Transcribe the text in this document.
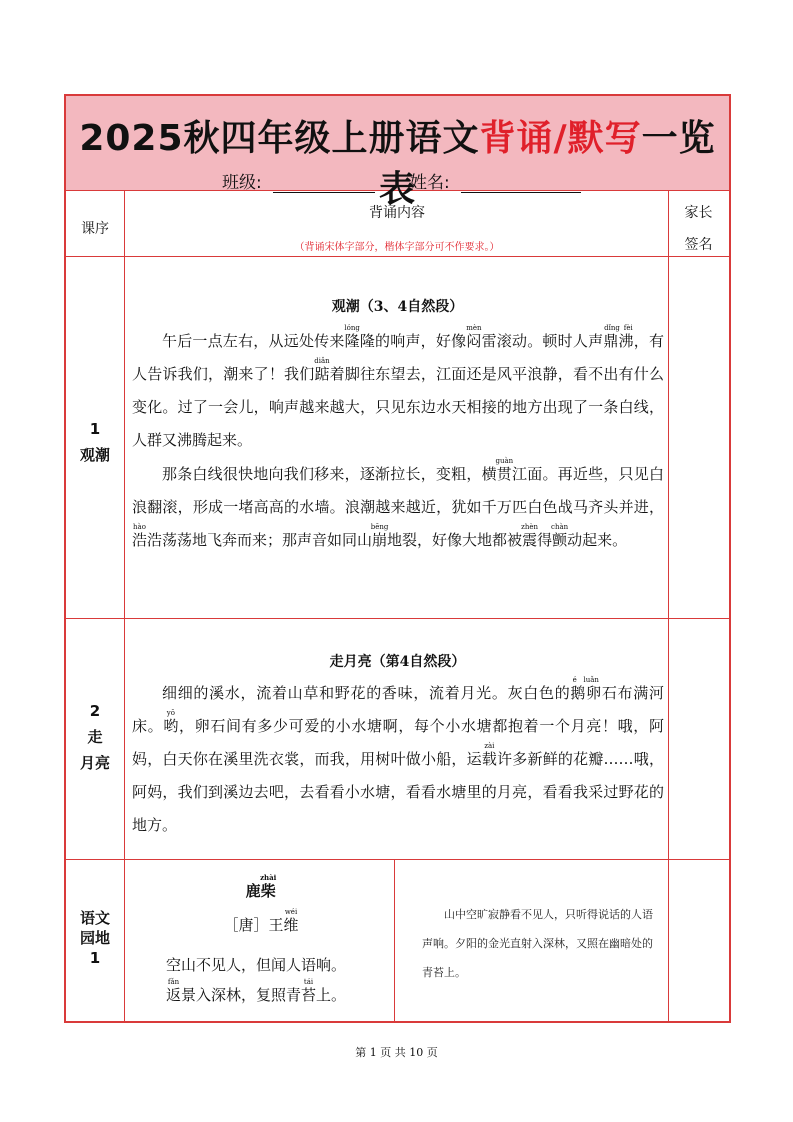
2025秋四年级上册语文背诵/默写一览表
班级:	姓名:
课序
背诵内容
（背诵宋体字部分，楷体字部分可不作要求。）
家长
签名
1
观潮
观潮（3、4自然段）

午后一点左右，从远处传来隆lóng隆的响声，好像闷mèn雷滚动。顿时人声鼎沸dǐng fèi，有人告诉我们，潮来了！我们踮diǎn着脚往东望去，江面还是风平浪静，看不出有什么变化。过了一会儿，响声越来越大，只见东边水天相接的地方出现了一条白线，人群又沸腾起来。

那条白线很快地向我们移来，逐渐拉长，变粗，横贯guàn江面。再近些，只见白浪翻滚，形成一堵高高的水墙。浪潮越来越近，犹如千万匹白色战马齐头并进，浩hào浩荡荡地飞奔而来；那声音如同山崩bēng地裂，好像大地都被震zhèn得颤chàn动起来。

2
走
月亮
走月亮（第4自然段）

细细的溪水，流着山草和野花的香味，流着月光。灰白色的鹅卵é luǎn石布满河床。哟yō，卵石间有多少可爱的小水塘啊，每个小水塘都抱着一个月亮！哦，阿妈，白天你在溪里洗衣裳，而我，用树叶做小船，运载zài许多新鲜的花瓣……哦，阿妈，我们到溪边去吧，去看看小水塘，看看水塘里的月亮，看看我采过野花的地方。

语文
园地
1
鹿柴zhài
［唐］王维wéi
空山不见人，但闻人语响。
返fǎn景入深林，复照青苔tái上。
山中空旷寂静看不见人，只听得说话的人语声响。夕阳的金光直射入深林，又照在幽暗处的青苔上。
第 1 页 共 10 页
